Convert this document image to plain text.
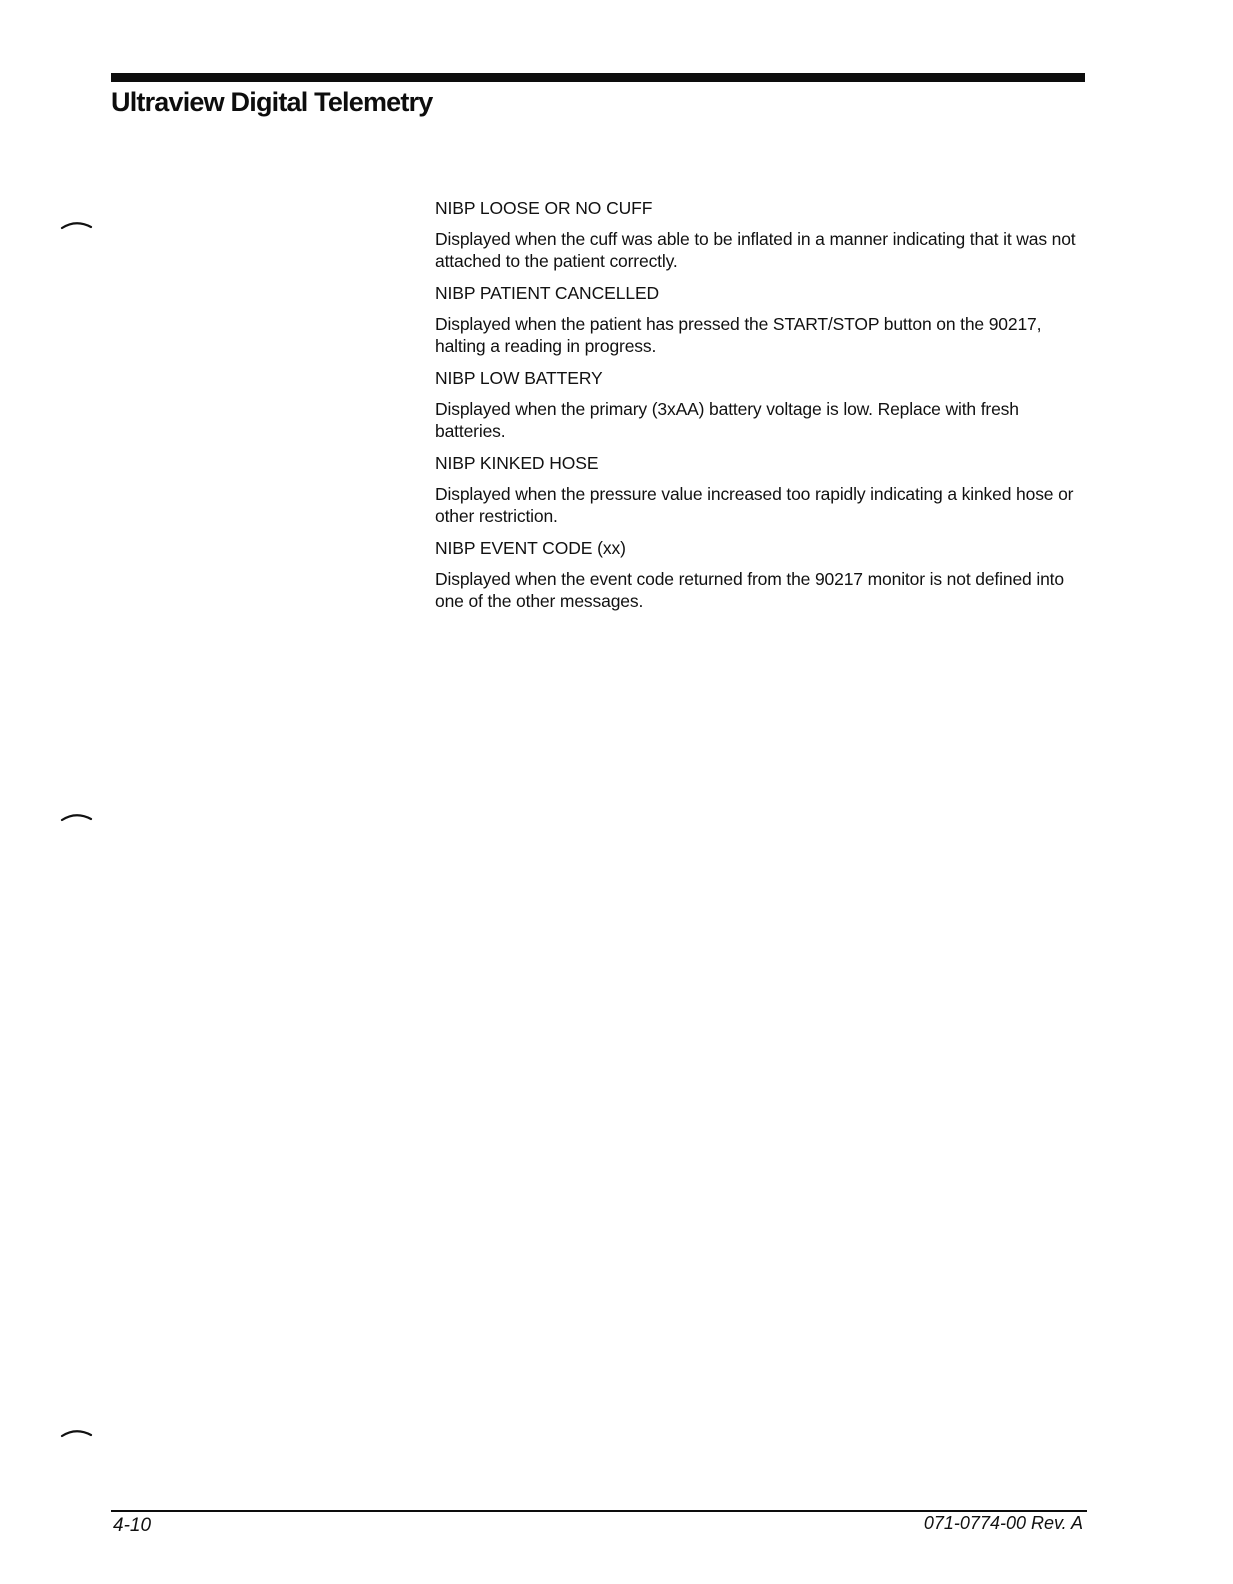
Ultraview Digital Telemetry

NIBP LOOSE OR NO CUFF

Displayed when the cuff was able to be inflated in a manner indicating that it was not attached to the patient correctly.

NIBP PATIENT CANCELLED

Displayed when the patient has pressed the START/STOP button on the 90217, halting a reading in progress.

NIBP LOW BATTERY

Displayed when the primary (3xAA) battery voltage is low. Replace with fresh batteries.

NIBP KINKED HOSE

Displayed when the pressure value increased too rapidly indicating a kinked hose or other restriction.

NIBP EVENT CODE (xx)

Displayed when the event code returned from the 90217 monitor is not defined into one of the other messages.

4-10	071-0774-00 Rev. A
